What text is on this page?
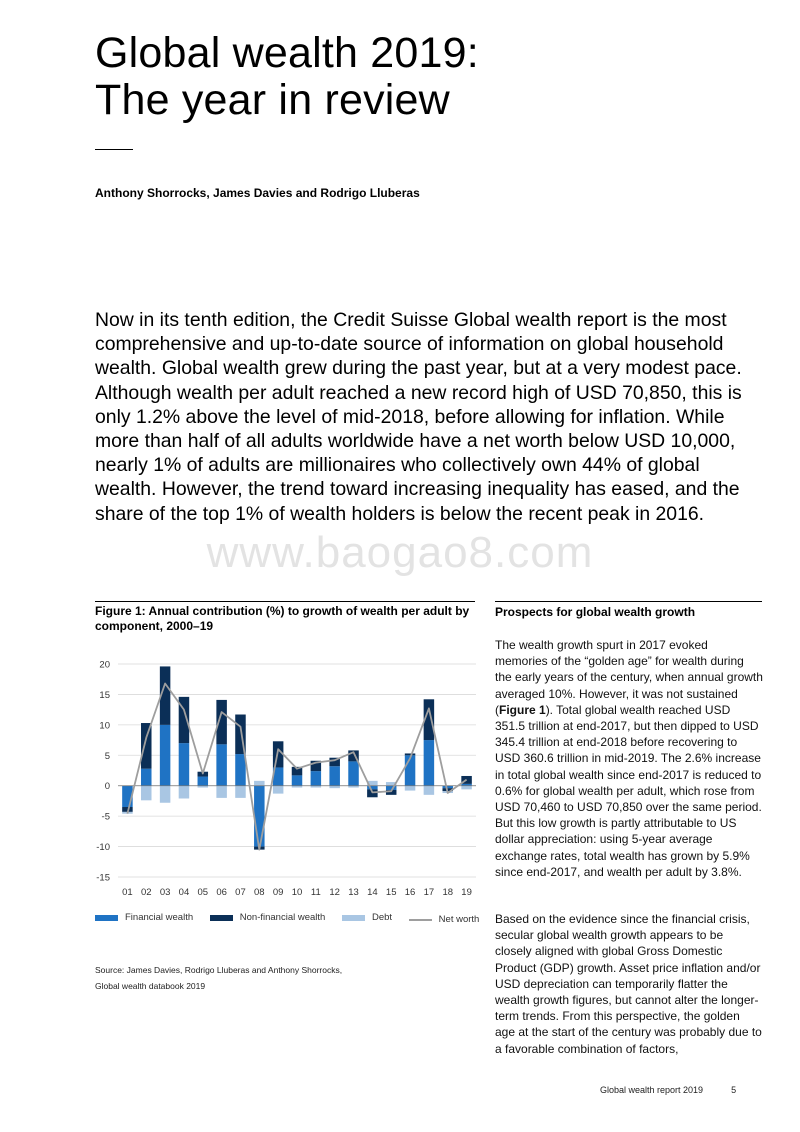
Global wealth 2019:
The year in review
Anthony Shorrocks, James Davies and Rodrigo Lluberas
Now in its tenth edition, the Credit Suisse Global wealth report is the most comprehensive and up-to-date source of information on global household wealth. Global wealth grew during the past year, but at a very modest pace. Although wealth per adult reached a new record high of USD 70,850, this is only 1.2% above the level of mid-2018, before allowing for inflation. While more than half of all adults worldwide have a net worth below USD 10,000, nearly 1% of adults are millionaires who collectively own 44% of global wealth. However, the trend toward increasing inequality has eased, and the share of the top 1% of wealth holders is below the recent peak in 2016.
www.baogao8.com
Figure 1: Annual contribution (%) to growth of wealth per adult by component, 2000–19
20
15
10
5
0
-5
-10
-15
01 02 03 04 05 06 07 08 09 10 11 12 13 14 15 16 17 18 19
Financial wealth
	Non-financial wealth
	Debt
	Net worth
Source: James Davies, Rodrigo Lluberas and Anthony Shorrocks,
Global wealth databook 2019
Prospects for global wealth growth
The wealth growth spurt in 2017 evoked memories of the “golden age” for wealth during the early years of the century, when annual growth averaged 10%. However, it was not sustained (Figure 1). Total global wealth reached USD 351.5 trillion at end-2017, but then dipped to USD 345.4 trillion at end-2018 before recovering to USD 360.6 trillion in mid-2019. The 2.6% increase in total global wealth since end-2017 is reduced to 0.6% for global wealth per adult, which rose from USD 70,460 to USD 70,850 over the same period. But this low growth is partly attributable to US dollar appreciation: using 5-year average exchange rates, total wealth has grown by 5.9% since end-2017, and wealth per adult by 3.8%.
Based on the evidence since the financial crisis, secular global wealth growth appears to be closely aligned with global Gross Domestic Product (GDP) growth. Asset price inflation and/or USD depreciation can temporarily flatter the wealth growth figures, but cannot alter the longer-term trends. From this perspective, the golden age at the start of the century was probably due to a favorable combination of factors,
Global wealth report 2019	5
